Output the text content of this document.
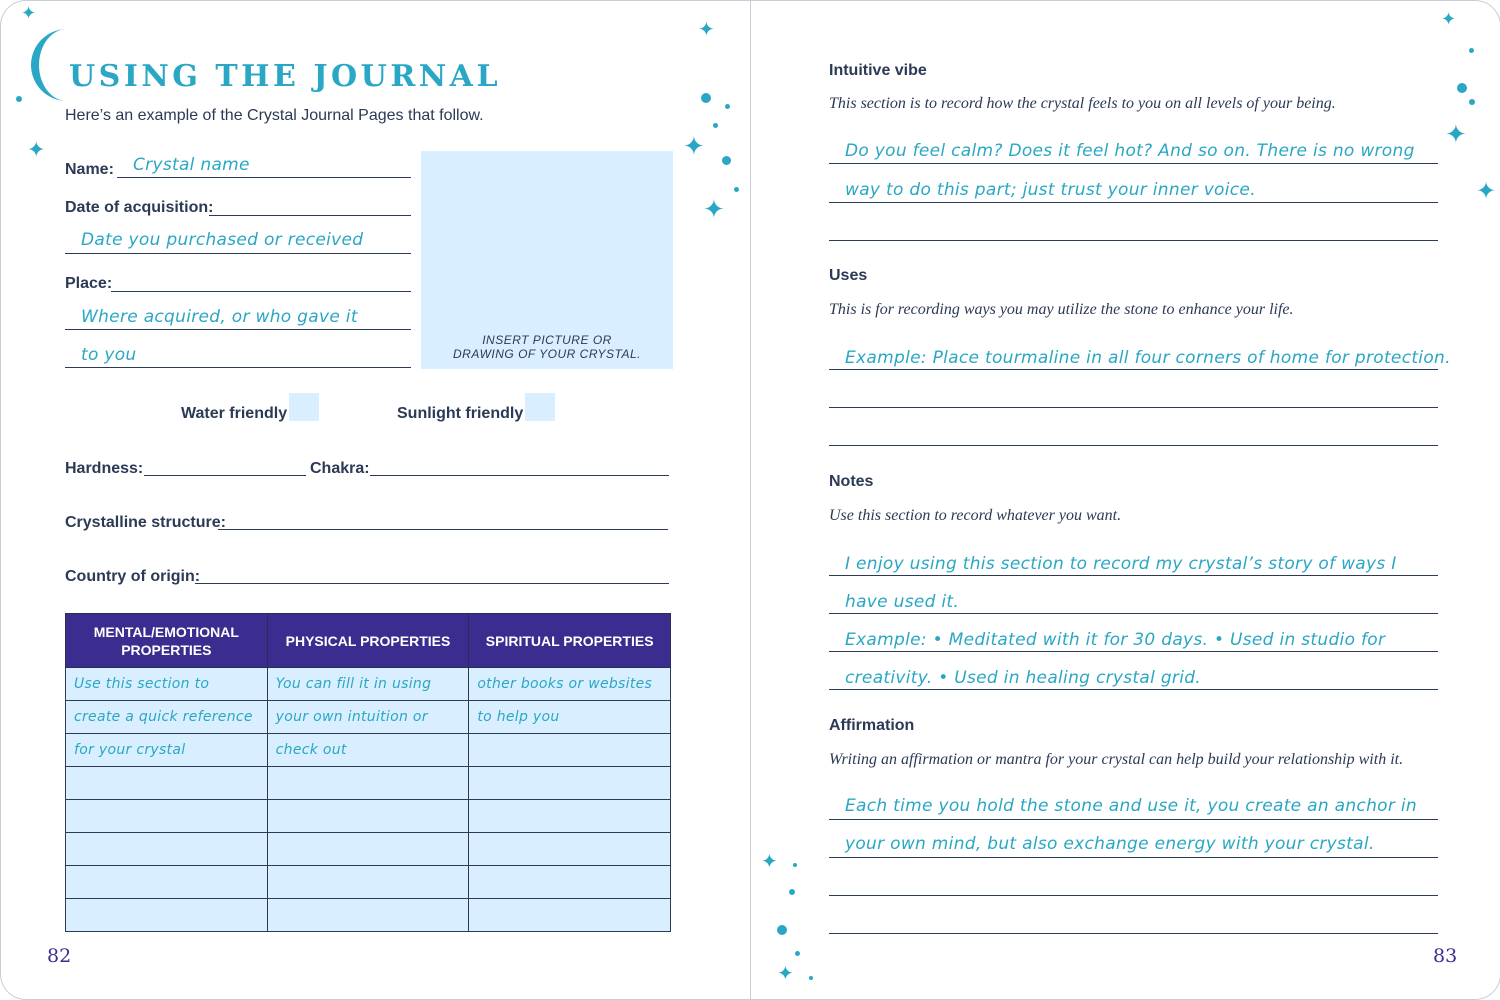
USING THE JOURNAL
Here’s an example of the Crystal Journal Pages that follow.
✦
✦
✦
✦
✦
Name: Crystal name
Date of acquisition:
Date you purchased or received
Place:
Where acquired, or who gave it
to you
INSERT PICTURE OR
DRAWING OF YOUR CRYSTAL.
Water friendly	Sunlight friendly
Hardness:	Chakra:
Crystalline structure:
Country of origin:
MENTAL/EMOTIONAL PROPERTIES	PHYSICAL PROPERTIES	SPIRITUAL PROPERTIES
Use this section to	You can fill it in using	other books or websites
create a quick reference	your own intuition or	to help you
for your crystal	check out	

82
✦
✦
✦
✦
✦
Intuitive vibe
This section is to record how the crystal feels to you on all levels of your being.
Do you feel calm? Does it feel hot? And so on. There is no wrong
way to do this part; just trust your inner voice.
Uses
This is for recording ways you may utilize the stone to enhance your life.
Example: Place tourmaline in all four corners of home for protection.
Notes
Use this section to record whatever you want.
I enjoy using this section to record my crystal’s story of ways I
have used it.
Example: • Meditated with it for 30 days. • Used in studio for
creativity. • Used in healing crystal grid.
Affirmation
Writing an affirmation or mantra for your crystal can help build your relationship with it.
Each time you hold the stone and use it, you create an anchor in
your own mind, but also exchange energy with your crystal.
83
